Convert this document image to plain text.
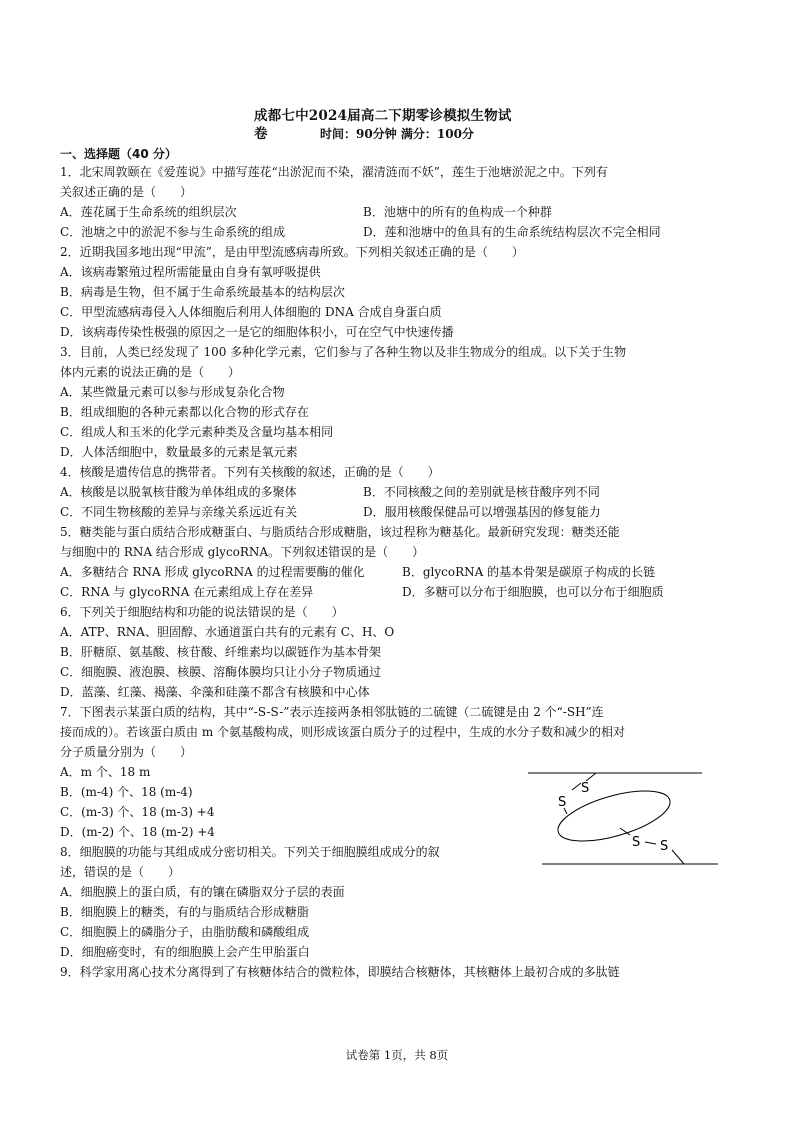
成都七中2024届高二下期零诊模拟生物试
卷	时间：90分钟 满分：100分
一、选择题（40 分）
1．北宋周敦颐在《爱莲说》中描写莲花“出淤泥而不染，濯清涟而不妖”，莲生于池塘淤泥之中。下列有
关叙述正确的是（　　）
A．莲花属于生命系统的组织层次	B．池塘中的所有的鱼构成一个种群
C．池塘之中的淤泥不参与生命系统的组成	D．莲和池塘中的鱼具有的生命系统结构层次不完全相同
2．近期我国多地出现“甲流”，是由甲型流感病毒所致。下列相关叙述正确的是（　　）
A．该病毒繁殖过程所需能量由自身有氧呼吸提供
B．病毒是生物，但不属于生命系统最基本的结构层次
C．甲型流感病毒侵入人体细胞后利用人体细胞的 DNA 合成自身蛋白质
D．该病毒传染性极强的原因之一是它的细胞体积小，可在空气中快速传播
3．目前，人类已经发现了 100 多种化学元素，它们参与了各种生物以及非生物成分的组成。以下关于生物
体内元素的说法正确的是（　　）
A．某些微量元素可以参与形成复杂化合物
B．组成细胞的各种元素都以化合物的形式存在
C．组成人和玉米的化学元素种类及含量均基本相同
D．人体活细胞中，数量最多的元素是氧元素
4．核酸是遗传信息的携带者。下列有关核酸的叙述，正确的是（　　）
A．核酸是以脱氧核苷酸为单体组成的多聚体	B．不同核酸之间的差别就是核苷酸序列不同
C．不同生物核酸的差异与亲缘关系远近有关	D．服用核酸保健品可以增强基因的修复能力
5．糖类能与蛋白质结合形成糖蛋白、与脂质结合形成糖脂，该过程称为糖基化。最新研究发现：糖类还能
与细胞中的 RNA 结合形成 glycoRNA。下列叙述错误的是（　　）
A．多糖结合 RNA 形成 glycoRNA 的过程需要酶的催化	B．glycoRNA 的基本骨架是碳原子构成的长链
C．RNA 与 glycoRNA 在元素组成上存在差异	D．多糖可以分布于细胞膜，也可以分布于细胞质
6．下列关于细胞结构和功能的说法错误的是（　　）
A．ATP、RNA、胆固醇、水通道蛋白共有的元素有 C、H、O
B．肝糖原、氨基酸、核苷酸、纤维素均以碳链作为基本骨架
C．细胞膜、液泡膜、核膜、溶酶体膜均只让小分子物质通过
D．蓝藻、红藻、褐藻、伞藻和硅藻不都含有核膜和中心体
7．下图表示某蛋白质的结构，其中“-S-S-”表示连接两条相邻肽链的二硫键（二硫键是由 2 个“-SH”连
接而成的）。若该蛋白质由 m 个氨基酸构成，则形成该蛋白质分子的过程中，生成的水分子数和减少的相对
分子质量分别为（　　）
A．m 个、18 m
B．(m-4) 个、18 (m-4)
C．(m-3) 个、18 (m-3) +4
D．(m-2) 个、18 (m-2) +4
8．细胞膜的功能与其组成成分密切相关。下列关于细胞膜组成成分的叙
述，错误的是（　　）
A．细胞膜上的蛋白质，有的镶在磷脂双分子层的表面
B．细胞膜上的糖类，有的与脂质结合形成糖脂
C．细胞膜上的磷脂分子，由脂肪酸和磷酸组成
D．细胞癌变时，有的细胞膜上会产生甲胎蛋白
9．科学家用离心技术分离得到了有核糖体结合的微粒体，即膜结合核糖体，其核糖体上最初合成的多肽链
S
S
S S
试卷第 1页，共 8页
